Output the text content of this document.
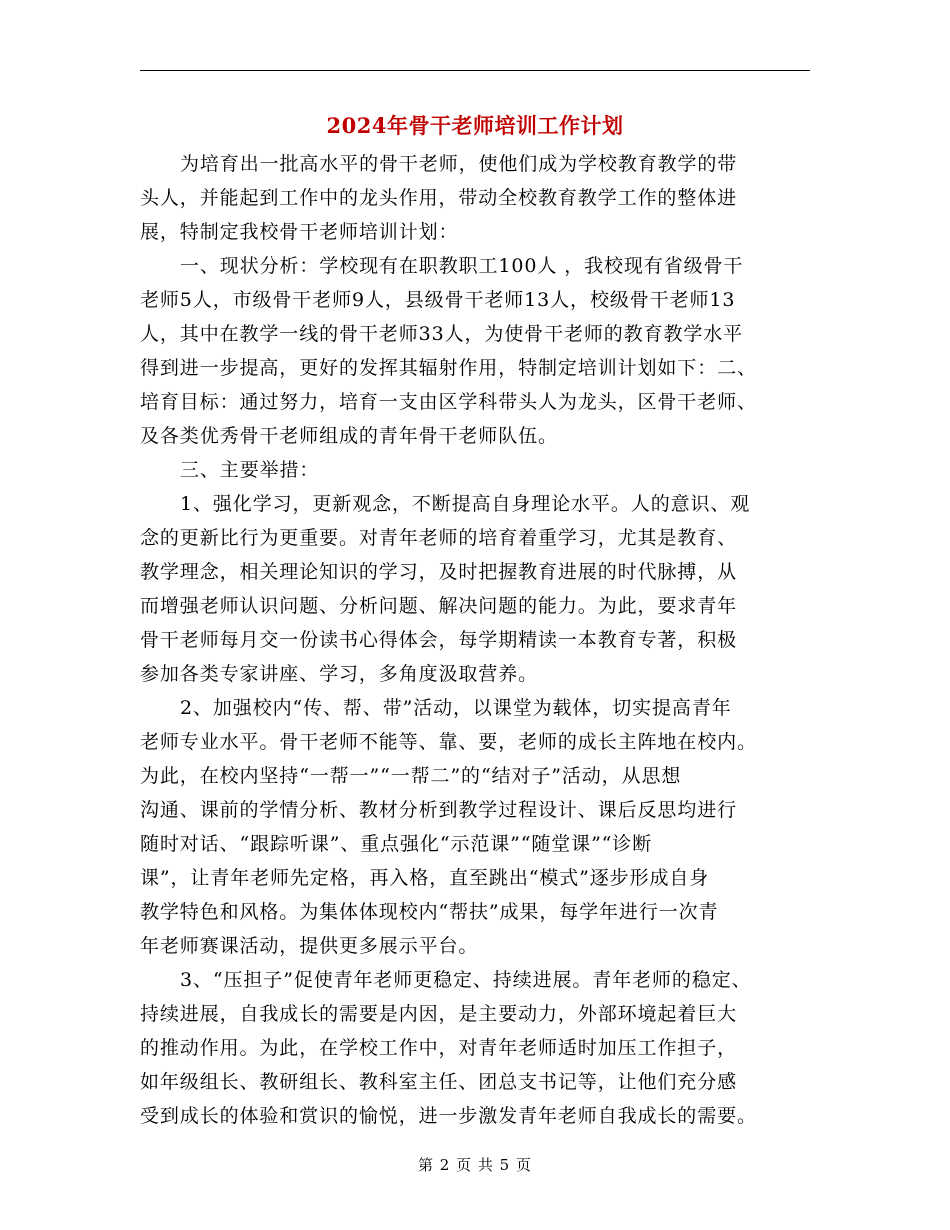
2024年骨干老师培训工作计划
为培育出一批高水平的骨干老师，使他们成为学校教育教学的带
头人，并能起到工作中的龙头作用，带动全校教育教学工作的整体进
展，特制定我校骨干老师培训计划：
一、现状分析：学校现有在职教职工100人 ，我校现有省级骨干
老师5人，市级骨干老师9人，县级骨干老师13人，校级骨干老师13
人，其中在教学一线的骨干老师33人，为使骨干老师的教育教学水平
得到进一步提高，更好的发挥其辐射作用，特制定培训计划如下：二、
培育目标：通过努力，培育一支由区学科带头人为龙头，区骨干老师、
及各类优秀骨干老师组成的青年骨干老师队伍。
三、主要举措：
1、强化学习，更新观念，不断提高自身理论水平。人的意识、观
念的更新比行为更重要。对青年老师的培育着重学习，尤其是教育、
教学理念，相关理论知识的学习，及时把握教育进展的时代脉搏，从
而增强老师认识问题、分析问题、解决问题的能力。为此，要求青年
骨干老师每月交一份读书心得体会，每学期精读一本教育专著，积极
参加各类专家讲座、学习，多角度汲取营养。
2、加强校内“传、帮、带”活动，以课堂为载体，切实提高青年
老师专业水平。骨干老师不能等、靠、要，老师的成长主阵地在校内。
为此，在校内坚持“一帮一”“一帮二”的“结对子”活动，从思想
沟通、课前的学情分析、教材分析到教学过程设计、课后反思均进行
随时对话、“跟踪听课”、重点强化“示范课”“随堂课”“诊断
课”，让青年老师先定格，再入格，直至跳出“模式”逐步形成自身
教学特色和风格。为集体体现校内“帮扶”成果，每学年进行一次青
年老师赛课活动，提供更多展示平台。
3、“压担子”促使青年老师更稳定、持续进展。青年老师的稳定、
持续进展，自我成长的需要是内因，是主要动力，外部环境起着巨大
的推动作用。为此，在学校工作中，对青年老师适时加压工作担子，
如年级组长、教研组长、教科室主任、团总支书记等，让他们充分感
受到成长的体验和赏识的愉悦，进一步激发青年老师自我成长的需要。
第 2 页 共 5 页
